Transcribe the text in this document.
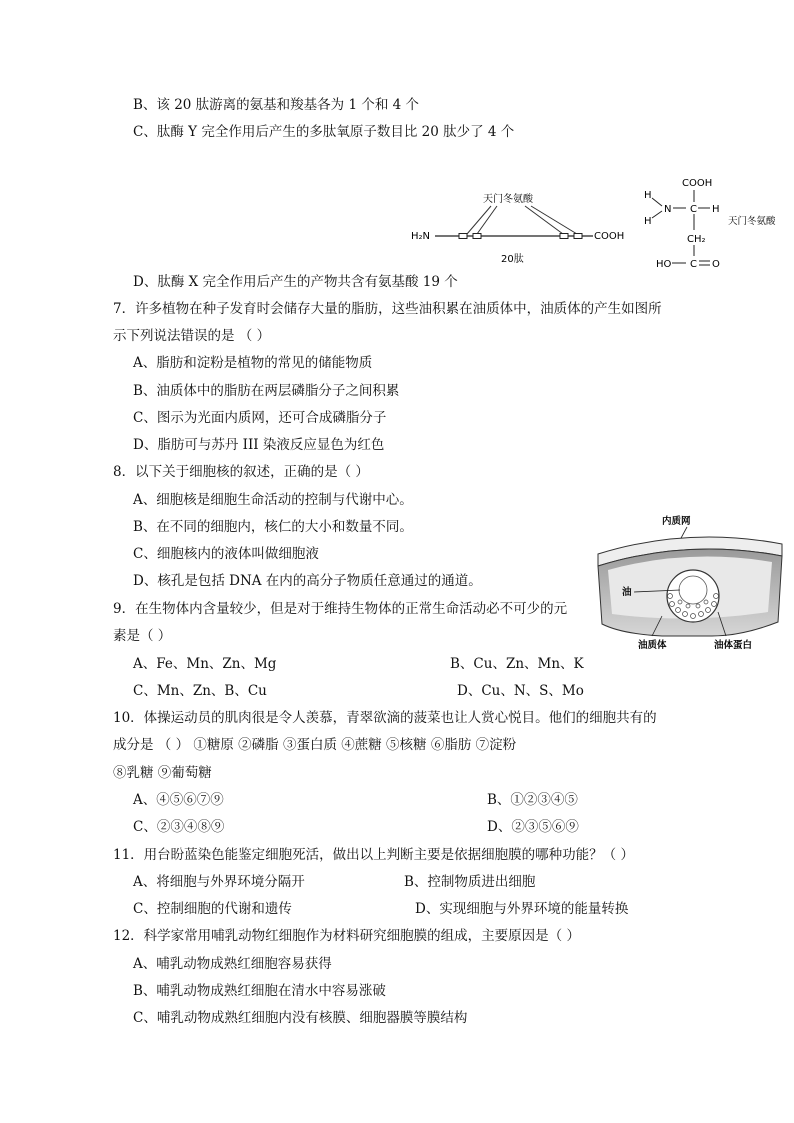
B、该 20 肽游离的氨基和羧基各为 1 个和 4 个
C、肽酶 Y 完全作用后产生的多肽氧原子数目比 20 肽少了 4 个
天门冬氨酸
H₂N	COOH
20肽
COOH
H
N C H
H	天门冬氨酸
CH₂
HO C O
D、肽酶 X 完全作用后产生的产物共含有氨基酸 19 个
7．许多植物在种子发育时会储存大量的脂肪，这些油积累在油质体中，油质体的产生如图所
示下列说法错误的是 （ ）
A、脂肪和淀粉是植物的常见的储能物质
B、油质体中的脂肪在两层磷脂分子之间积累
C、图示为光面内质网，还可合成磷脂分子
D、脂肪可与苏丹 III 染液反应显色为红色
8．以下关于细胞核的叙述，正确的是（ ）
A、细胞核是细胞生命活动的控制与代谢中心。
B、在不同的细胞内，核仁的大小和数量不同。
C、细胞核内的液体叫做细胞液
D、核孔是包括 DNA 在内的高分子物质任意通过的通道。
内质网
油
油质体	油体蛋白
9．在生物体内含量较少，但是对于维持生物体的正常生命活动必不可少的元
素是（ ）
A、Fe、Mn、Zn、Mg	B、Cu、Zn、Mn、K
C、Mn、Zn、B、Cu	D、Cu、N、S、Mo
10．体操运动员的肌肉很是令人羡慕，青翠欲滴的菠菜也让人赏心悦目。他们的细胞共有的
成分是 （ ） ①糖原 ②磷脂 ③蛋白质 ④蔗糖 ⑤核糖 ⑥脂肪 ⑦淀粉
⑧乳糖 ⑨葡萄糖
A、④⑤⑥⑦⑨	B、①②③④⑤
C、②③④⑧⑨	D、②③⑤⑥⑨
11．用台盼蓝染色能鉴定细胞死活，做出以上判断主要是依据细胞膜的哪种功能？（ ）
A、将细胞与外界环境分隔开	B、控制物质进出细胞
C、控制细胞的代谢和遗传	D、实现细胞与外界环境的能量转换
12．科学家常用哺乳动物红细胞作为材料研究细胞膜的组成，主要原因是（ ）
A、哺乳动物成熟红细胞容易获得
B、哺乳动物成熟红细胞在清水中容易涨破
C、哺乳动物成熟红细胞内没有核膜、细胞器膜等膜结构
